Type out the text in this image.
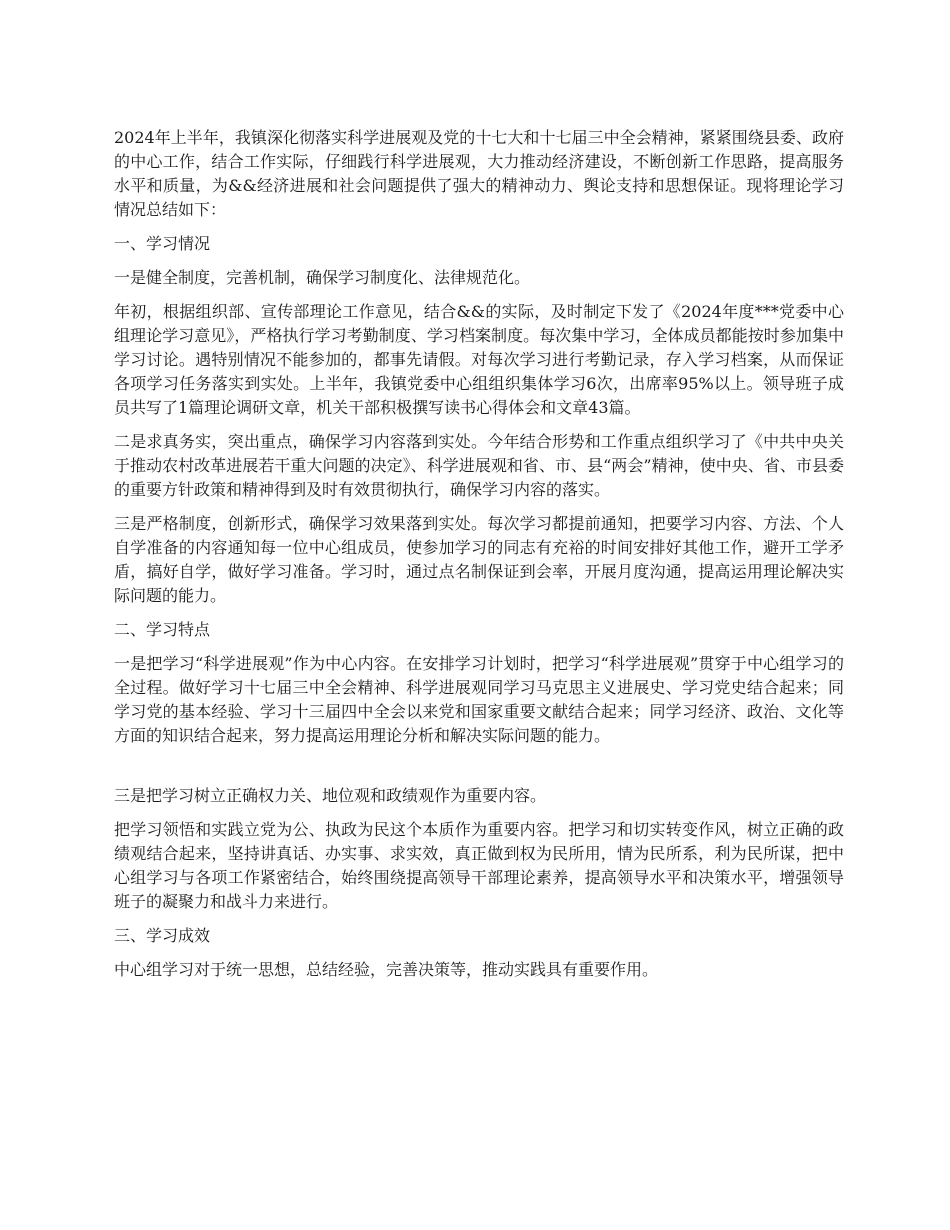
2024年上半年，我镇深化彻落实科学进展观及党的十七大和十七届三中全会精神，紧紧围绕县委、政府的中心工作，结合工作实际，仔细践行科学进展观，大力推动经济建设，不断创新工作思路，提高服务水平和质量，为&&经济进展和社会问题提供了强大的精神动力、舆论支持和思想保证。现将理论学习情况总结如下：

一、学习情况

一是健全制度，完善机制，确保学习制度化、法律规范化。

年初，根据组织部、宣传部理论工作意见，结合&&的实际，及时制定下发了《2024年度***党委中心组理论学习意见》，严格执行学习考勤制度、学习档案制度。每次集中学习，全体成员都能按时参加集中学习讨论。遇特别情况不能参加的，都事先请假。对每次学习进行考勤记录，存入学习档案，从而保证各项学习任务落实到实处。上半年，我镇党委中心组组织集体学习6次，出席率95%以上。领导班子成员共写了1篇理论调研文章，机关干部积极撰写读书心得体会和文章43篇。

二是求真务实，突出重点，确保学习内容落到实处。今年结合形势和工作重点组织学习了《中共中央关于推动农村改革进展若干重大问题的决定》、科学进展观和省、市、县“两会”精神，使中央、省、市县委的重要方针政策和精神得到及时有效贯彻执行，确保学习内容的落实。

三是严格制度，创新形式，确保学习效果落到实处。每次学习都提前通知，把要学习内容、方法、个人自学准备的内容通知每一位中心组成员，使参加学习的同志有充裕的时间安排好其他工作，避开工学矛盾，搞好自学，做好学习准备。学习时，通过点名制保证到会率，开展月度沟通，提高运用理论解决实际问题的能力。

二、学习特点

一是把学习“科学进展观”作为中心内容。在安排学习计划时，把学习“科学进展观”贯穿于中心组学习的全过程。做好学习十七届三中全会精神、科学进展观同学习马克思主义进展史、学习党史结合起来；同学习党的基本经验、学习十三届四中全会以来党和国家重要文献结合起来；同学习经济、政治、文化等方面的知识结合起来，努力提高运用理论分析和解决实际问题的能力。

三是把学习树立正确权力关、地位观和政绩观作为重要内容。

把学习领悟和实践立党为公、执政为民这个本质作为重要内容。把学习和切实转变作风，树立正确的政绩观结合起来，坚持讲真话、办实事、求实效，真正做到权为民所用，情为民所系，利为民所谋，把中心组学习与各项工作紧密结合，始终围绕提高领导干部理论素养，提高领导水平和决策水平，增强领导班子的凝聚力和战斗力来进行。

三、学习成效

中心组学习对于统一思想，总结经验，完善决策等，推动实践具有重要作用。
